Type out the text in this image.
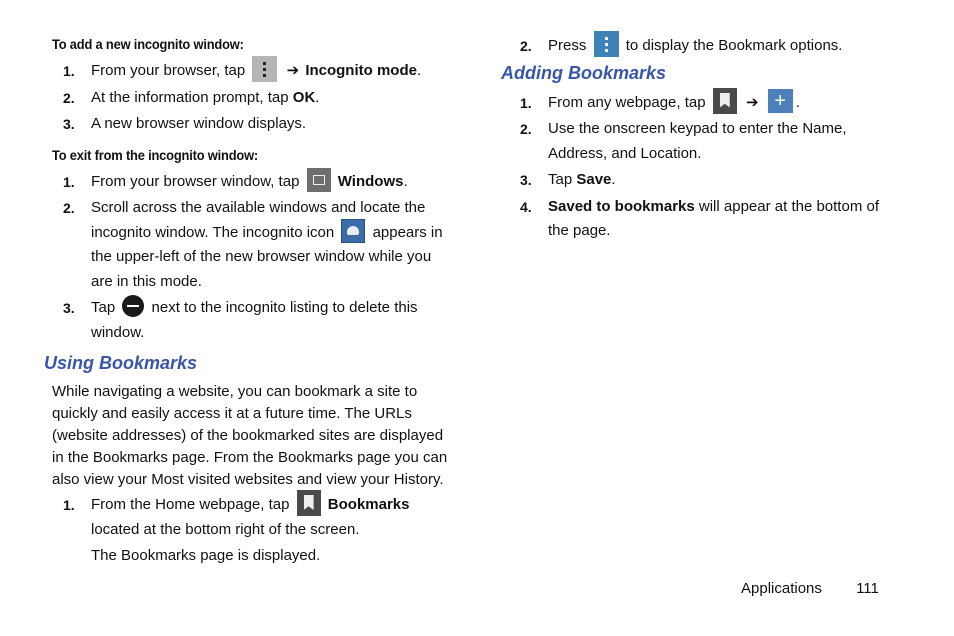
To add a new incognito window:
1. From your browser, tap	➔ Incognito mode.
2. At the information prompt, tap OK.
3. A new browser window displays.
To exit from the incognito window:
1. From your browser window, tap	Windows.
2. Scroll across the available windows and locate the incognito window. The incognito icon	appears in the upper-left of the new browser window while you are in this mode.
3. Tap next to the incognito listing to delete this window.
Using Bookmarks
While navigating a website, you can bookmark a site to quickly and easily access it at a future time. The URLs (website addresses) of the bookmarked sites are displayed in the Bookmarks page. From the Bookmarks page you can also view your Most visited websites and view your History.
1. From the Home webpage, tap	Bookmarks located at the bottom right of the screen.
The Bookmarks page is displayed.
2. Press	to display the Bookmark options.
Adding Bookmarks
1. From any webpage, tap	➔ + .
2. Use the onscreen keypad to enter the Name, Address, and Location.
3. Tap Save.
4. Saved to bookmarks will appear at the bottom of the page.
Applications 111
